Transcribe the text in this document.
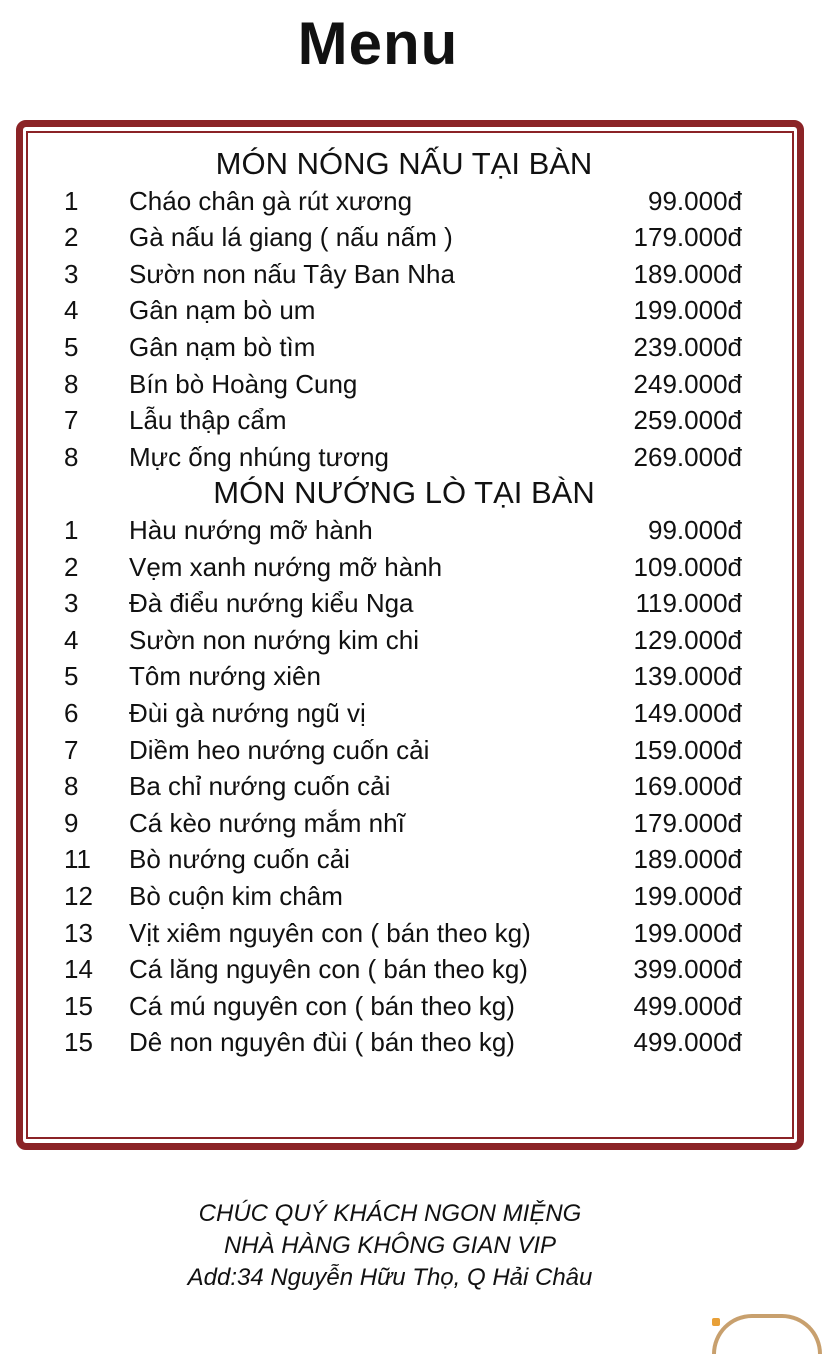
Menu
MÓN NÓNG NẤU TẠI BÀN
1 Cháo chân gà rút xương	99.000đ
2 Gà nấu lá giang ( nấu nấm )	179.000đ
3 Sườn non nấu Tây Ban Nha	189.000đ
4 Gân nạm bò um	199.000đ
5 Gân nạm bò tìm	239.000đ
8 Bín bò Hoàng Cung	249.000đ
7 Lẫu thập cẩm	259.000đ
8 Mực ống nhúng tương	269.000đ
MÓN NƯỚNG LÒ TẠI BÀN
1 Hàu nướng mỡ hành	99.000đ
2 Vẹm xanh nướng mỡ hành	109.000đ
3 Đà điểu nướng kiểu Nga	119.000đ
4 Sườn non nướng kim chi	129.000đ
5 Tôm nướng xiên	139.000đ
6 Đùi gà nướng ngũ vị	149.000đ
7 Diềm heo nướng cuốn cải	159.000đ
8 Ba chỉ nướng cuốn cải	169.000đ
9 Cá kèo nướng mắm nhĩ	179.000đ
11 Bò nướng cuốn cải	189.000đ
12 Bò cuộn kim châm	199.000đ
13 Vịt xiêm nguyên con ( bán theo kg)	199.000đ
14 Cá lăng nguyên con ( bán theo kg)	399.000đ
15 Cá mú nguyên con ( bán theo kg)	499.000đ
15 Dê non nguyên đùi ( bán theo kg)	499.000đ
CHÚC QUÝ KHÁCH NGON MIỆNG
NHÀ HÀNG KHÔNG GIAN VIP
Add:34 Nguyễn Hữu Thọ, Q Hải Châu
